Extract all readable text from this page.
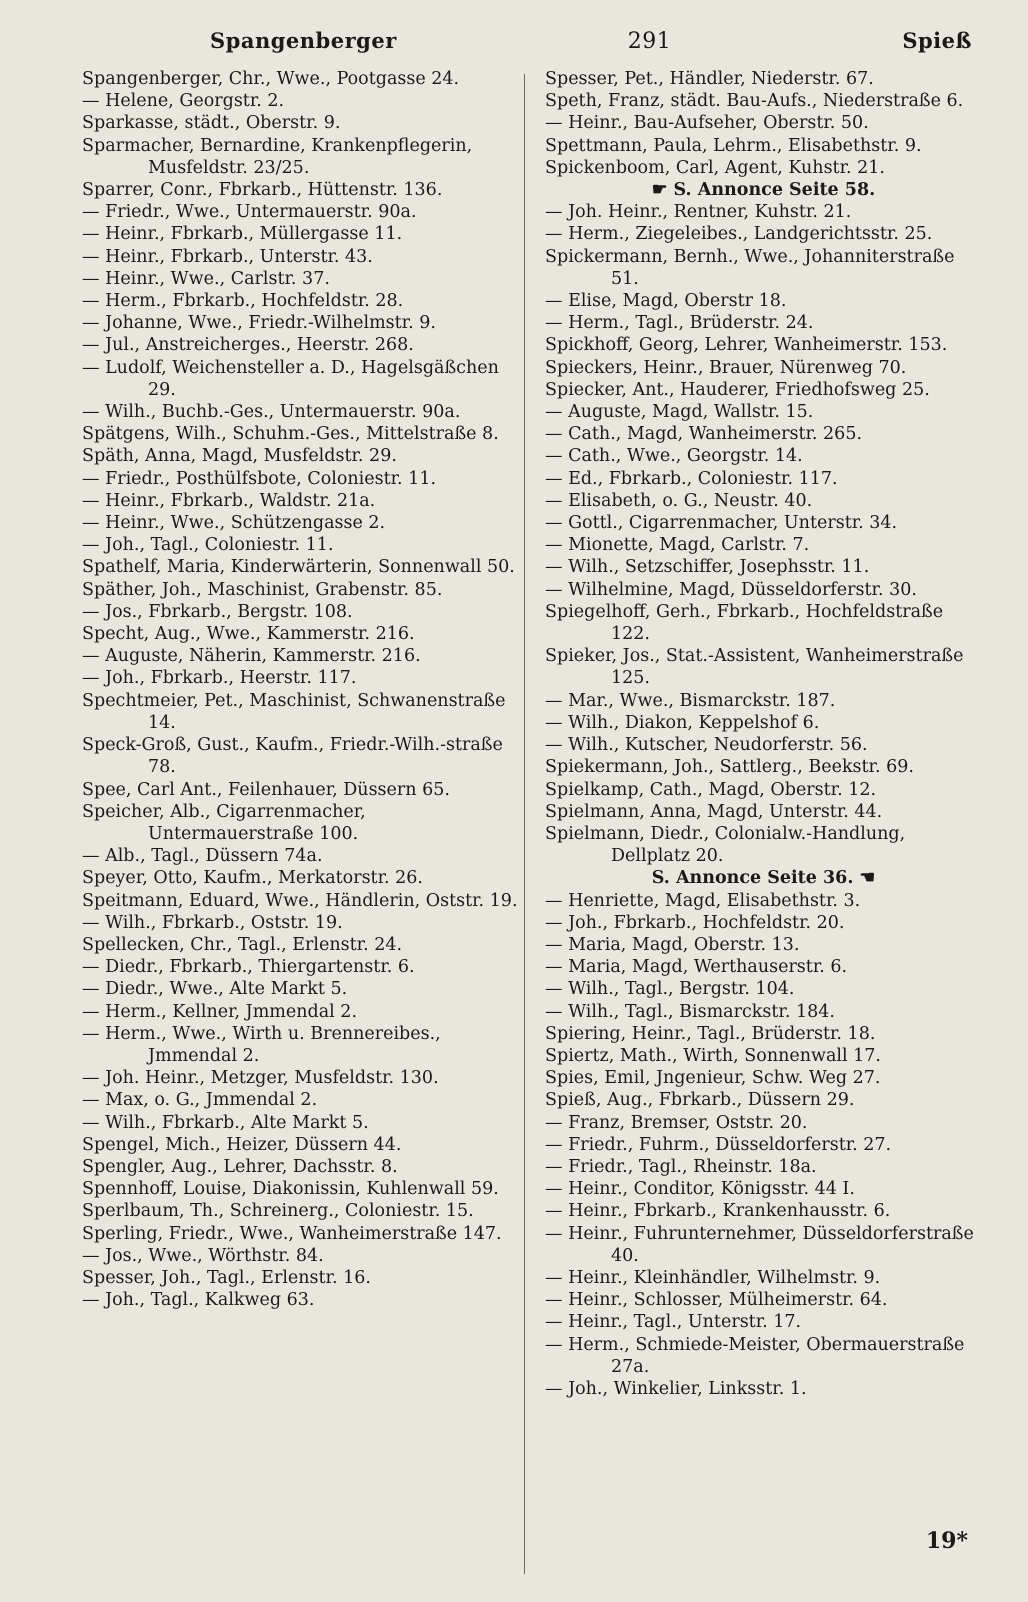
Spangenberger	291	Spieß
Spangenberger, Chr., Wwe., Pootgasse 24.
— Helene, Georgstr. 2.
Sparkasse, städt., Oberstr. 9.
Sparmacher, Bernardine, Krankenpflegerin, Musfeldstr. 23/25.
Sparrer, Conr., Fbrkarb., Hüttenstr. 136.
— Friedr., Wwe., Untermauerstr. 90a.
— Heinr., Fbrkarb., Müllergasse 11.
— Heinr., Fbrkarb., Unterstr. 43.
— Heinr., Wwe., Carlstr. 37.
— Herm., Fbrkarb., Hochfeldstr. 28.
— Johanne, Wwe., Friedr.-Wilhelmstr. 9.
— Jul., Anstreicherges., Heerstr. 268.
— Ludolf, Weichensteller a. D., Hagelsgäßchen 29.
— Wilh., Buchb.-Ges., Untermauerstr. 90a.
Spätgens, Wilh., Schuhm.-Ges., Mittelstraße 8.
Späth, Anna, Magd, Musfeldstr. 29.
— Friedr., Posthülfsbote, Coloniestr. 11.
— Heinr., Fbrkarb., Waldstr. 21a.
— Heinr., Wwe., Schützengasse 2.
— Joh., Tagl., Coloniestr. 11.
Spathelf, Maria, Kinderwärterin, Sonnenwall 50.
Späther, Joh., Maschinist, Grabenstr. 85.
— Jos., Fbrkarb., Bergstr. 108.
Specht, Aug., Wwe., Kammerstr. 216.
— Auguste, Näherin, Kammerstr. 216.
— Joh., Fbrkarb., Heerstr. 117.
Spechtmeier, Pet., Maschinist, Schwanenstraße 14.
Speck-Groß, Gust., Kaufm., Friedr.-Wilh.-straße 78.
Spee, Carl Ant., Feilenhauer, Düssern 65.
Speicher, Alb., Cigarrenmacher, Untermauerstraße 100.
— Alb., Tagl., Düssern 74a.
Speyer, Otto, Kaufm., Merkatorstr. 26.
Speitmann, Eduard, Wwe., Händlerin, Oststr. 19.
— Wilh., Fbrkarb., Oststr. 19.
Spellecken, Chr., Tagl., Erlenstr. 24.
— Diedr., Fbrkarb., Thiergartenstr. 6.
— Diedr., Wwe., Alte Markt 5.
— Herm., Kellner, Jmmendal 2.
— Herm., Wwe., Wirth u. Brennereibes., Jmmendal 2.
— Joh. Heinr., Metzger, Musfeldstr. 130.
— Max, o. G., Jmmendal 2.
— Wilh., Fbrkarb., Alte Markt 5.
Spengel, Mich., Heizer, Düssern 44.
Spengler, Aug., Lehrer, Dachsstr. 8.
Spennhoff, Louise, Diakonissin, Kuhlenwall 59.
Sperlbaum, Th., Schreinerg., Coloniestr. 15.
Sperling, Friedr., Wwe., Wanheimerstraße 147.
— Jos., Wwe., Wörthstr. 84.
Spesser, Joh., Tagl., Erlenstr. 16.
— Joh., Tagl., Kalkweg 63.
Spesser, Pet., Händler, Niederstr. 67.
Speth, Franz, städt. Bau-Aufs., Niederstraße 6.
— Heinr., Bau-Aufseher, Oberstr. 50.
Spettmann, Paula, Lehrm., Elisabethstr. 9.
Spickenboom, Carl, Agent, Kuhstr. 21.
☛ S. Annonce Seite 58.
— Joh. Heinr., Rentner, Kuhstr. 21.
— Herm., Ziegeleibes., Landgerichtsstr. 25.
Spickermann, Bernh., Wwe., Johanniterstraße 51.
— Elise, Magd, Oberstr 18.
— Herm., Tagl., Brüderstr. 24.
Spickhoff, Georg, Lehrer, Wanheimerstr. 153.
Spieckers, Heinr., Brauer, Nürenweg 70.
Spiecker, Ant., Hauderer, Friedhofsweg 25.
— Auguste, Magd, Wallstr. 15.
— Cath., Magd, Wanheimerstr. 265.
— Cath., Wwe., Georgstr. 14.
— Ed., Fbrkarb., Coloniestr. 117.
— Elisabeth, o. G., Neustr. 40.
— Gottl., Cigarrenmacher, Unterstr. 34.
— Mionette, Magd, Carlstr. 7.
— Wilh., Setzschiffer, Josephsstr. 11.
— Wilhelmine, Magd, Düsseldorferstr. 30.
Spiegelhoff, Gerh., Fbrkarb., Hochfeldstraße 122.
Spieker, Jos., Stat.-Assistent, Wanheimerstraße 125.
— Mar., Wwe., Bismarckstr. 187.
— Wilh., Diakon, Keppelshof 6.
— Wilh., Kutscher, Neudorferstr. 56.
Spiekermann, Joh., Sattlerg., Beekstr. 69.
Spielkamp, Cath., Magd, Oberstr. 12.
Spielmann, Anna, Magd, Unterstr. 44.
Spielmann, Diedr., Colonialw.-Handlung, Dellplatz 20.
S. Annonce Seite 36. ☚
— Henriette, Magd, Elisabethstr. 3.
— Joh., Fbrkarb., Hochfeldstr. 20.
— Maria, Magd, Oberstr. 13.
— Maria, Magd, Werthauserstr. 6.
— Wilh., Tagl., Bergstr. 104.
— Wilh., Tagl., Bismarckstr. 184.
Spiering, Heinr., Tagl., Brüderstr. 18.
Spiertz, Math., Wirth, Sonnenwall 17.
Spies, Emil, Jngenieur, Schw. Weg 27.
Spieß, Aug., Fbrkarb., Düssern 29.
— Franz, Bremser, Oststr. 20.
— Friedr., Fuhrm., Düsseldorferstr. 27.
— Friedr., Tagl., Rheinstr. 18a.
— Heinr., Conditor, Königsstr. 44 I.
— Heinr., Fbrkarb., Krankenhausstr. 6.
— Heinr., Fuhrunternehmer, Düsseldorferstraße 40.
— Heinr., Kleinhändler, Wilhelmstr. 9.
— Heinr., Schlosser, Mülheimerstr. 64.
— Heinr., Tagl., Unterstr. 17.
— Herm., Schmiede-Meister, Obermauerstraße 27a.
— Joh., Winkelier, Linksstr. 1.
19*
